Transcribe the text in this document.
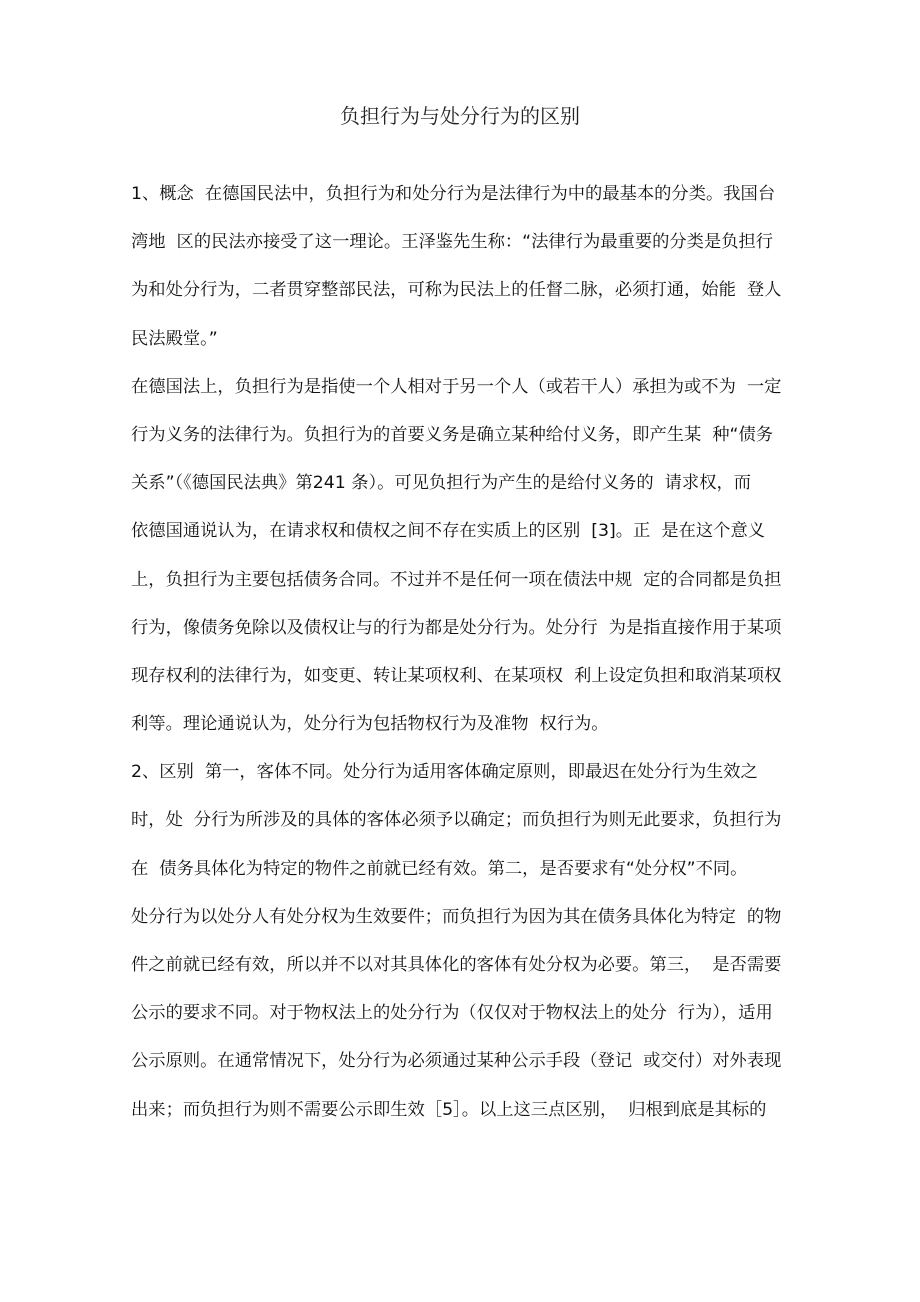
负担行为与处分行为的区别
1、概念  在德国民法中，负担行为和处分行为是法律行为中的最基本的分类。我国台
湾地  区的民法亦接受了这一理论。王泽鉴先生称：“法律行为最重要的分类是负担行
为和处分行为，二者贯穿整部民法，可称为民法上的任督二脉，必须打通，始能  登人
民法殿堂。”
在德国法上，负担行为是指使一个人相对于另一个人（或若干人）承担为或不为  一定
行为义务的法律行为。负担行为的首要义务是确立某种给付义务，即产生某  种“债务
关系”（《德国民法典》第241 条）。可见负担行为产生的是给付义务的  请求权，而
依德国通说认为，在请求权和债权之间不存在实质上的区别  [3]。正  是在这个意义
上，负担行为主要包括债务合同。不过并不是任何一项在债法中规  定的合同都是负担
行为，像债务免除以及债权让与的行为都是处分行为。处分行  为是指直接作用于某项
现存权利的法律行为，如变更、转让某项权利、在某项权  利上设定负担和取消某项权
利等。理论通说认为，处分行为包括物权行为及准物  权行为。
2、区别  第一，客体不同。处分行为适用客体确定原则，即最迟在处分行为生效之
时，处  分行为所涉及的具体的客体必须予以确定；而负担行为则无此要求，负担行为
在  债务具体化为特定的物件之前就已经有效。第二，是否要求有“处分权”不同。
处分行为以处分人有处分权为生效要件；而负担行为因为其在债务具体化为特定  的物
件之前就已经有效，所以并不以对其具体化的客体有处分权为必要。第三，  是否需要
公示的要求不同。对于物权法上的处分行为（仅仅对于物权法上的处分  行为），适用
公示原则。在通常情况下，处分行为必须通过某种公示手段（登记  或交付）对外表现
出来；而负担行为则不需要公示即生效［5］。以上这三点区别，  归根到底是其标的
